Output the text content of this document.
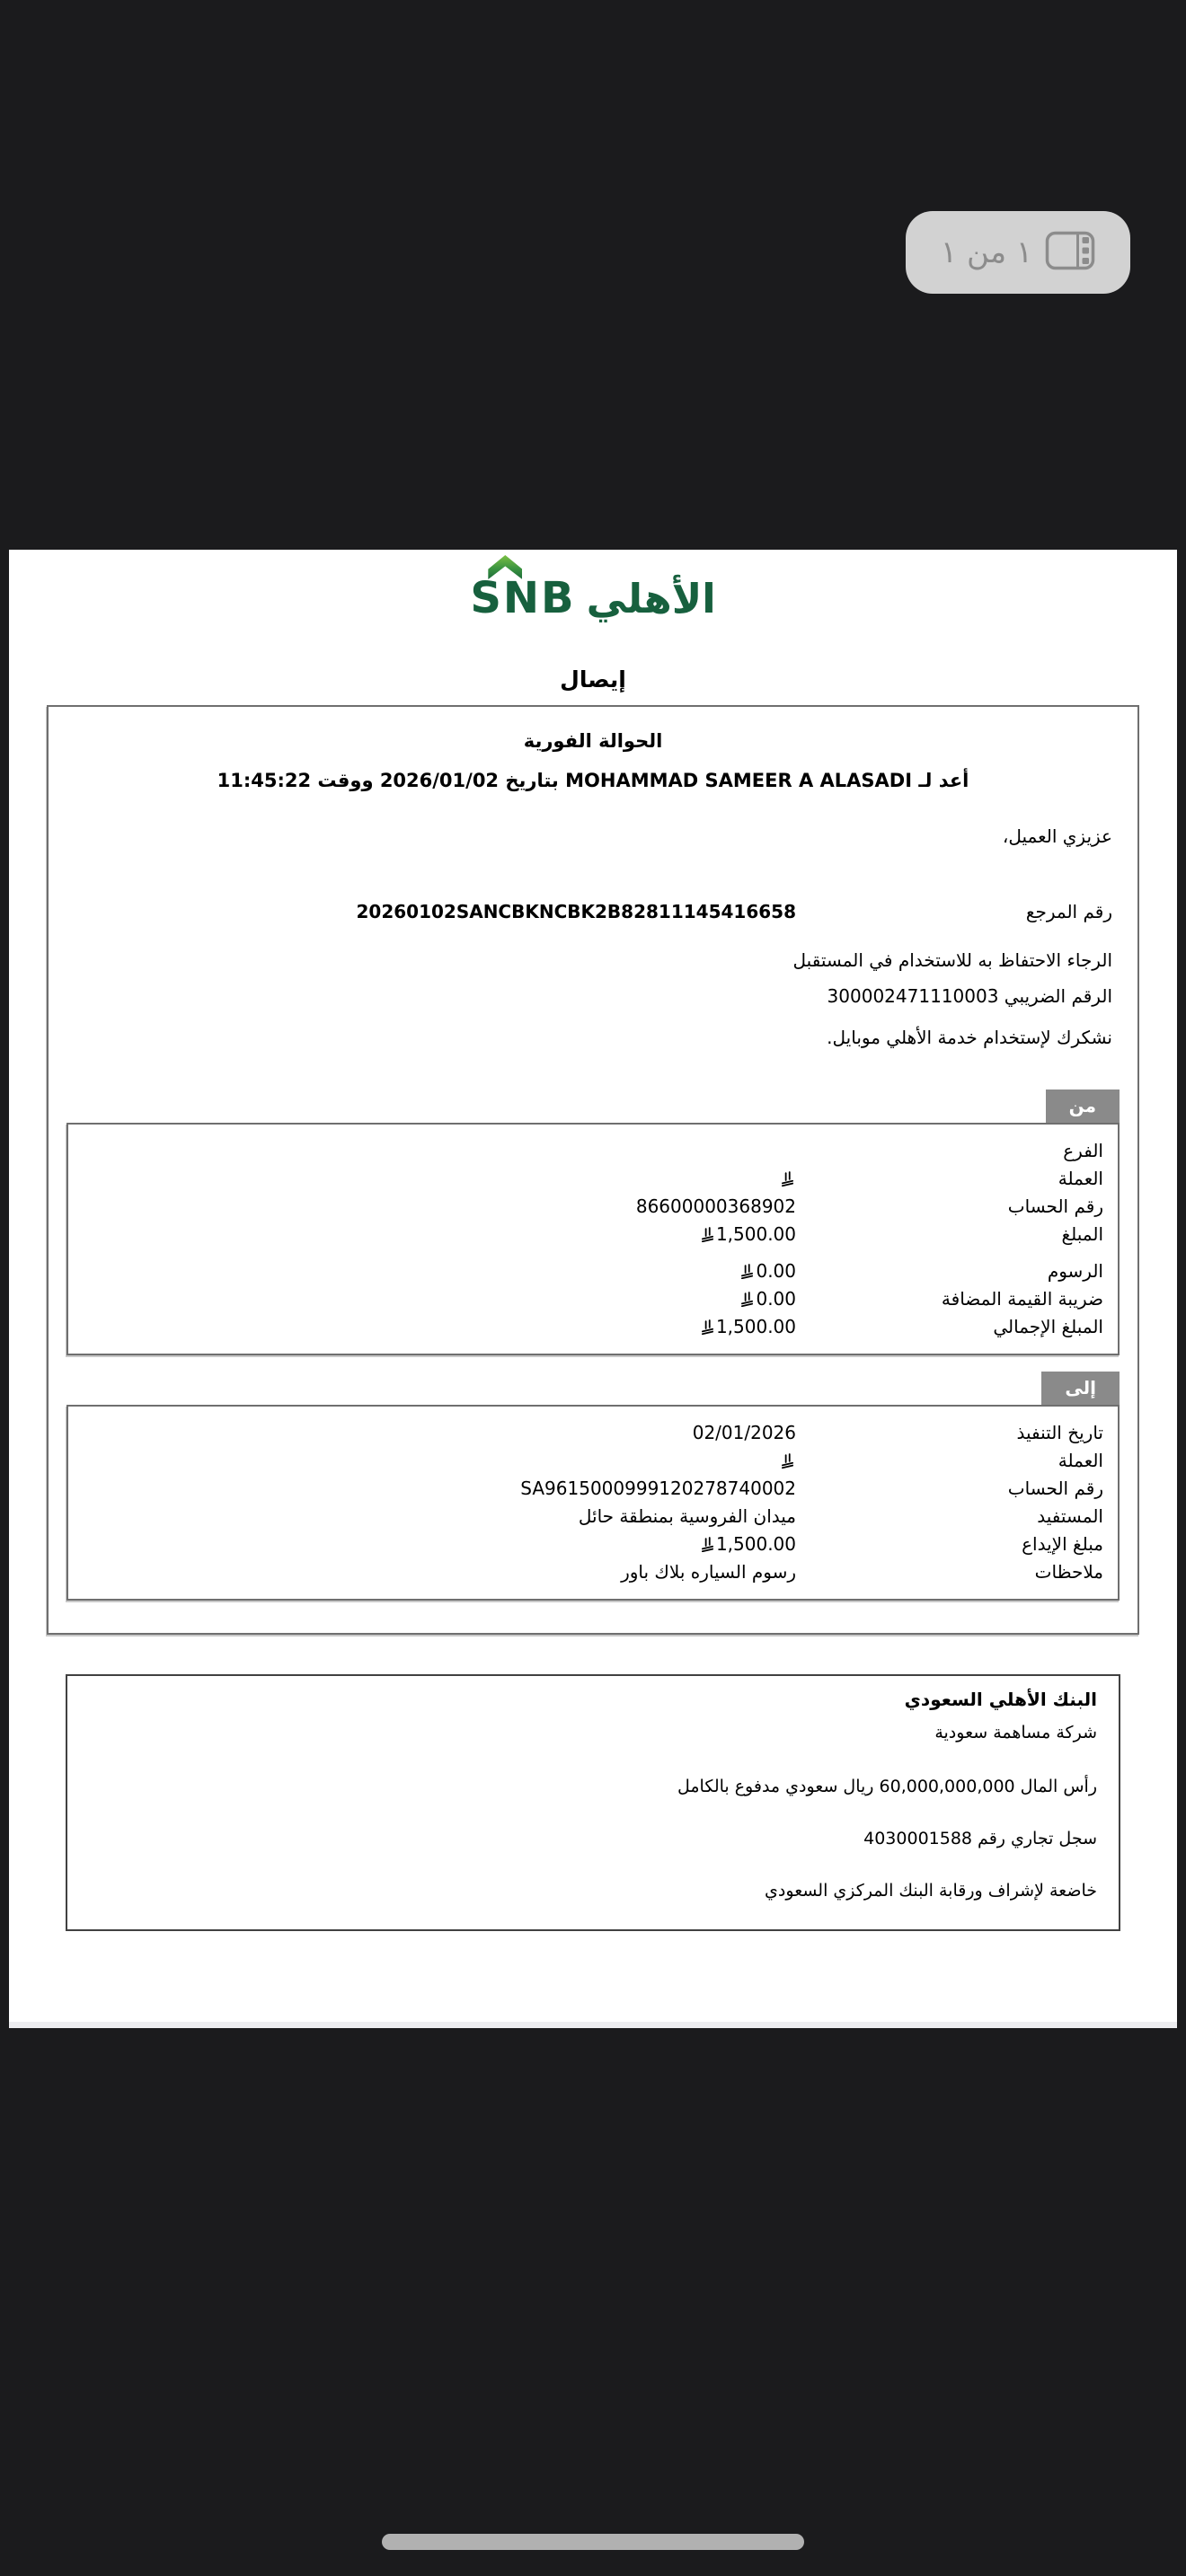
١ من ١
SNB الأهلي
إيصال
الحوالة الفورية
أعد لـ MOHAMMAD SAMEER A ALASADI بتاريخ 2026/01/02 ووقت 11:45:22
عزيزي العميل،
رقم المرجع
20260102SANCBKNCBK2B82811145416658
الرجاء الاحتفاظ به للاستخدام في المستقبل
الرقم الضريبي 300002471110003
نشكرك لإستخدام خدمة الأهلي موبايل.
من
الفرع
العملة
رقم الحساب
86600000368902
المبلغ
1,500.00
الرسوم
0.00
ضريبة القيمة المضافة
0.00
المبلغ الإجمالي
1,500.00
إلى
تاريخ التنفيذ
02/01/2026
العملة
رقم الحساب
SA9615000999120278740002
المستفيد
ميدان الفروسية بمنطقة حائل
مبلغ الإيداع
1,500.00
ملاحظات
رسوم السياره بلاك باور
البنك الأهلي السعودي
شركة مساهمة سعودية
رأس المال 60,000,000,000 ريال سعودي مدفوع بالكامل
سجل تجاري رقم 4030001588
خاضعة لإشراف ورقابة البنك المركزي السعودي
